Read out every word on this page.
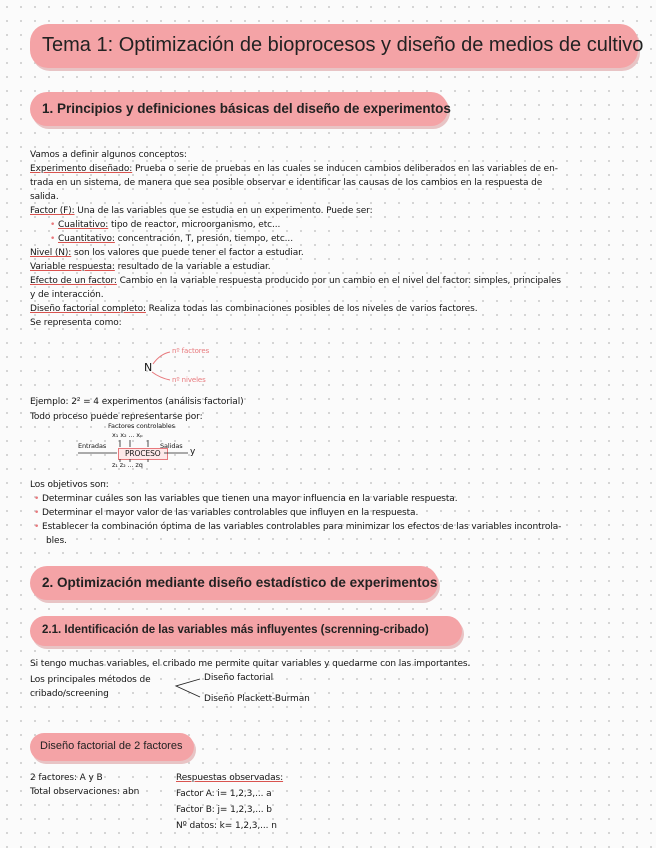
Tema 1: Optimización de bioprocesos y diseño de medios de cultivo
1. Principios y definiciones básicas del diseño de experimentos
Vamos a definir algunos conceptos:
Experimento diseñado: Prueba o serie de pruebas en las cuales se inducen cambios deliberados en las variables de en-
trada en un sistema, de manera que sea posible observar e identificar las causas de los cambios en la respuesta de
salida.
Factor (F): Una de las variables que se estudia en un experimento. Puede ser:
• Cualitativo: tipo de reactor, microorganismo, etc...
• Cuantitativo: concentración, T, presión, tiempo, etc...
Nivel (N): son los valores que puede tener el factor a estudiar.
Variable respuesta: resultado de la variable a estudiar.
Efecto de un factor: Cambio en la variable respuesta producido por un cambio en el nivel del factor: simples, principales
y de interacción.
Diseño factorial completo: Realiza todas las combinaciones posibles de los niveles de varios factores.
Se representa como:
N
nº factores
nº niveles
Ejemplo: 2² = 4 experimentos (análisis factorial)
Todo proceso puede representarse por:
Factores controlables
x₁ x₂ ... xₚ
Entradas
PROCESO
Salidas
y
z₁ z₂ ... zq
Los objetivos son:
• Determinar cuáles son las variables que tienen una mayor influencia en la variable respuesta.
• Determinar el mayor valor de las variables controlables que influyen en la respuesta.
• Establecer la combinación óptima de las variables controlables para minimizar los efectos de las variables incontrola-
bles.
2. Optimización mediante diseño estadístico de experimentos
2.1. Identificación de las variables más influyentes (screnning-cribado)
Si tengo muchas variables, el cribado me permite quitar variables y quedarme con las importantes.
Los principales métodos de
cribado/screening
Diseño factorial
Diseño Plackett-Burman
Diseño factorial de 2 factores
2 factores: A y B
Total observaciones: abn
Respuestas observadas:
Factor A: i= 1,2,3,... a
Factor B: j= 1,2,3,... b
Nº datos: k= 1,2,3,... n
